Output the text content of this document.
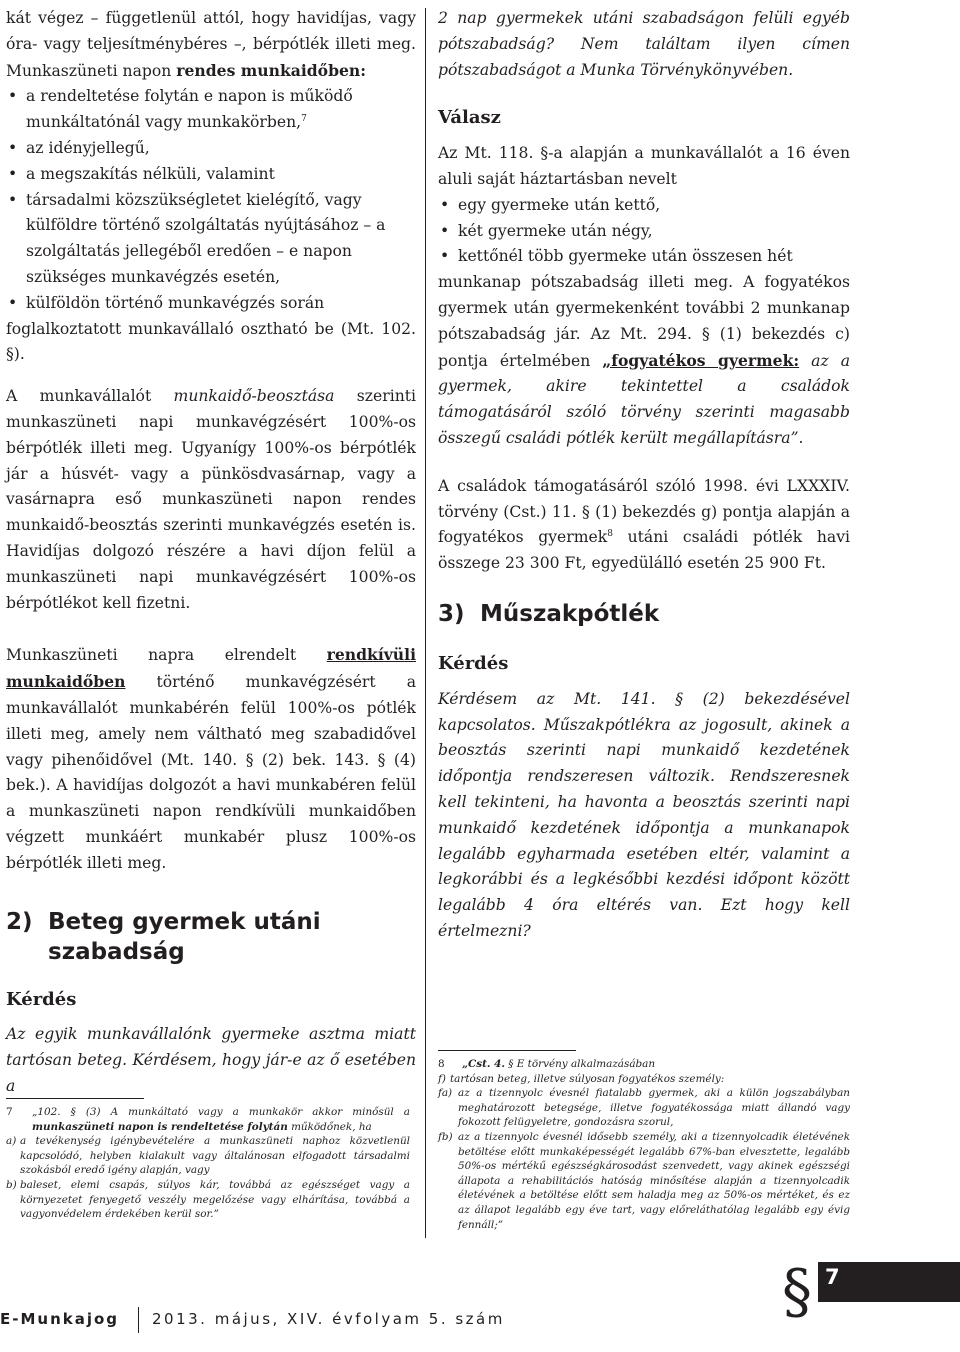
kát végez – függetlenül attól, hogy havidíjas, vagy óra- vagy teljesítménybéres –, bérpótlék illeti meg. Munkaszüneti napon rendes munkaidőben:

• a rendeltetése folytán e napon is működő munkáltatónál vagy munkakörben,$^7$
• az idényjellegű,
• a megszakítás nélküli, valamint
• társadalmi közszükségletet kielégítő, vagy külföldre történő szolgáltatás nyújtásához – a szolgáltatás jellegéből eredően – e napon szükséges munkavégzés esetén,
• külföldön történő munkavégzés során

foglalkoztatott munkavállaló osztható be (Mt. 102. §).

A munkavállalót munkaidő-beosztása szerinti munkaszüneti napi munkavégzésért 100%-os bérpótlék illeti meg. Ugyanígy 100%-os bérpótlék jár a húsvét- vagy a pünkösdvasárnap, vagy a vasárnapra eső munkaszüneti napon rendes munkaidő-beosztás szerinti munkavégzés esetén is. Havidíjas dolgozó részére a havi díjon felül a munkaszüneti napi munkavégzésért 100%-os bérpótlékot kell fizetni.

Munkaszüneti napra elrendelt rendkívüli munkaidőben történő munkavégzésért a munkavállalót munkabérén felül 100%-os pótlék illeti meg, amely nem váltható meg szabadidővel vagy pihenőidővel (Mt. 140. § (2) bek. 143. § (4) bek.). A havidíjas dolgozót a havi munkabéren felül a munkaszüneti napon rendkívüli munkaidőben végzett munkáért munkabér plusz 100%-os bérpótlék illeti meg.

2) Beteg gyermek utáni
szabadság
Kérdés

Az egyik munkavállalónk gyermeke asztma miatt tartósan beteg. Kérdésem, hogy jár-e az ő esetében a

7	„102. § (3) A munkáltató vagy a munkakör akkor minősül a munkaszüneti napon is rendeltetése folytán működőnek, ha
a) a tevékenység igénybevételére a munkaszüneti naphoz közvetlenül kapcsolódó, helyben kialakult vagy általánosan elfogadott társadalmi szokásból eredő igény alapján, vagy
b) baleset, elemi csapás, súlyos kár, továbbá az egészséget vagy a környezetet fenyegető veszély megelőzése vagy elhárítása, továbbá a vagyonvédelem érdekében kerül sor.”

2 nap gyermekek utáni szabadságon felüli egyéb pótszabadság? Nem találtam ilyen címen pótszabadságot a Munka Törvénykönyvében.

Válasz

Az Mt. 118. §-a alapján a munkavállalót a 16 éven aluli saját háztartásban nevelt

• egy gyermeke után kettő,
• két gyermeke után négy,
• kettőnél több gyermeke után összesen hét

munkanap pótszabadság illeti meg. A fogyatékos gyermek után gyermekenként további 2 munkanap pótszabadság jár. Az Mt. 294. § (1) bekezdés c) pontja értelmében „fogyatékos gyermek: az a gyermek, akire tekintettel a családok támogatásáról szóló törvény szerinti magasabb összegű családi pótlék került megállapításra”.

A családok támogatásáról szóló 1998. évi LXXXIV. törvény (Cst.) 11. § (1) bekezdés g) pontja alapján a fogyatékos gyermek$^8$ utáni családi pótlék havi összege 23 300 Ft, egyedülálló esetén 25 900 Ft.

3) Műszakpótlék
Kérdés

Kérdésem az Mt. 141. § (2) bekezdésével kapcsolatos. Műszakpótlékra az jogosult, akinek a beosztás szerinti napi munkaidő kezdetének időpontja rendszeresen változik. Rendszeresnek kell tekinteni, ha havonta a beosztás szerinti napi munkaidő kezdetének időpontja a munkanapok legalább egyharmada esetében eltér, valamint a legkorábbi és a legkésőbbi kezdési időpont között legalább 4 óra eltérés van. Ezt hogy kell értelmezni?

8	„Cst. 4. § E törvény alkalmazásában
f) tartósan beteg, illetve súlyosan fogyatékos személy:
fa) az a tizennyolc évesnél fiatalabb gyermek, aki a külön jogszabályban meghatározott betegsége, illetve fogyatékossága miatt állandó vagy fokozott felügyeletre, gondozásra szorul,
fb) az a tizennyolc évesnél idősebb személy, aki a tizennyolcadik életévének betöltése előtt munkaképességét legalább 67%-ban elvesztette, legalább 50%-os mértékű egészségkárosodást szenvedett, vagy akinek egészségi állapota a rehabilitációs hatóság minősítése alapján a tizennyolcadik életévének a betöltése előtt sem haladja meg az 50%-os mértéket, és ez az állapot legalább egy éve tart, vagy előreláthatólag legalább egy évig fennáll;”
§ 7
E-Munkajog 2013. május, XIV. évfolyam 5. szám
